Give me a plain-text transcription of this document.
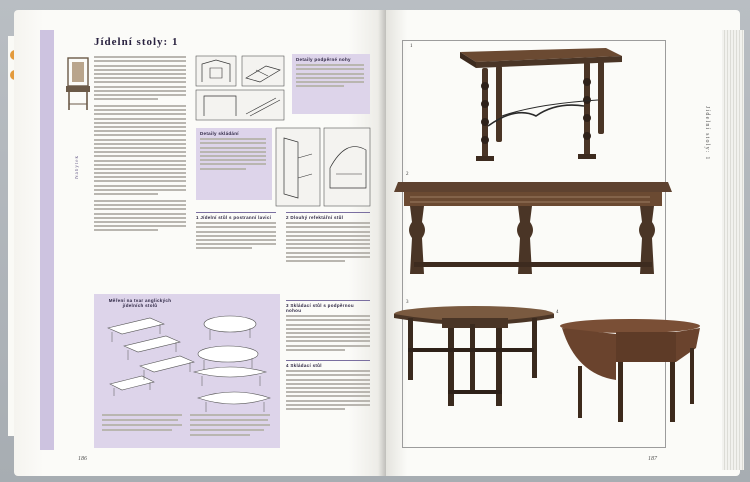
Jídelní stoly: 1
Nábytek
Detaily podpěrné nohy
Detaily skládání
1 Jídelní stůl s postranní lavicí	2 Dlouhý refektářní stůl
3 Skládací stůl s podpěrnou nohou
4 Skládací stůl
Měření na tvar anglických jídelních stolů
186
Jídelní stoly: 1
1
2
3
4
187
